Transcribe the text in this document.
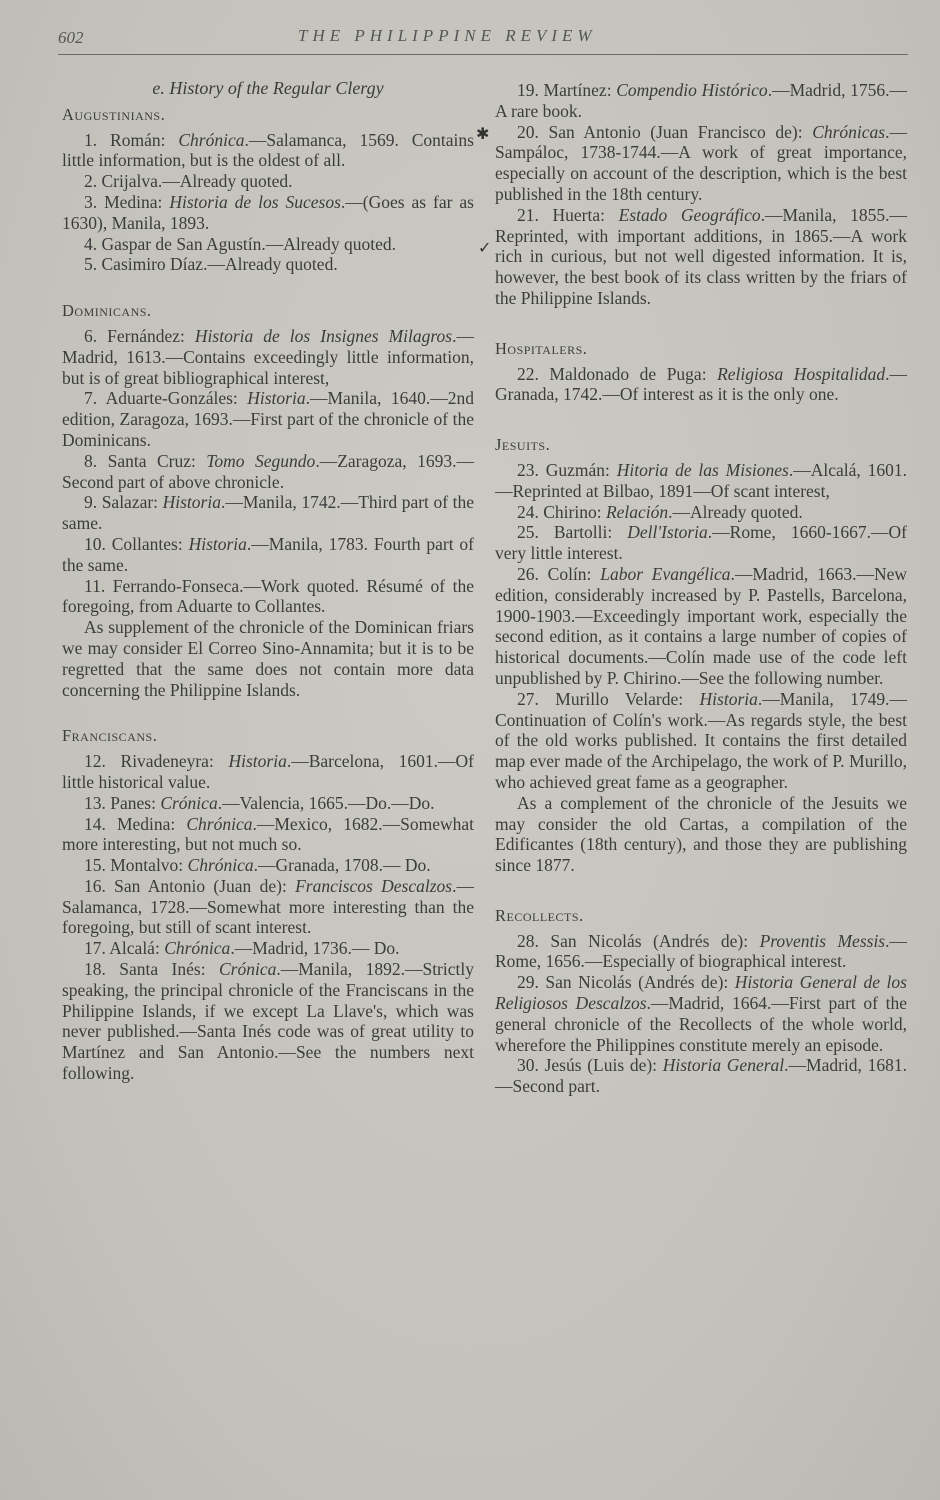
602	THE PHILIPPINE REVIEW
e. History of the Regular Clergy
Augustinians.

1. Román: Chrónica.—Salamanca, 1569. Contains little information, but is the oldest of all.

2. Crijalva.—Already quoted.

3. Medina: Historia de los Sucesos.—(Goes as far as 1630), Manila, 1893.

4. Gaspar de San Agustín.—Already quoted.

5. Casimiro Díaz.—Already quoted.

Dominicans.

6. Fernández: Historia de los Insignes Milagros.—Madrid, 1613.—Contains exceedingly little information, but is of great bibliographical interest,

7. Aduarte-Gonzáles: Historia.—Manila, 1640.—2nd edition, Zaragoza, 1693.—First part of the chronicle of the Dominicans.

8. Santa Cruz: Tomo Segundo.—Zaragoza, 1693.—Second part of above chronicle.

9. Salazar: Historia.—Manila, 1742.—Third part of the same.

10. Collantes: Historia.—Manila, 1783. Fourth part of the same.

11. Ferrando-Fonseca.—Work quoted. Résumé of the foregoing, from Aduarte to Collantes.

As supplement of the chronicle of the Dominican friars we may consider El Correo Sino-Annamita; but it is to be regretted that the same does not contain more data concerning the Philippine Islands.

Franciscans.

12. Rivadeneyra: Historia.—Barcelona, 1601.—Of little historical value.

13. Panes: Crónica.—Valencia, 1665.—Do.—Do.

14. Medina: Chrónica.—Mexico, 1682.—Somewhat more interesting, but not much so.

15. Montalvo: Chrónica.—Granada, 1708.— Do.

16. San Antonio (Juan de): Franciscos Descalzos.—Salamanca, 1728.—Somewhat more interesting than the foregoing, but still of scant interest.

17. Alcalá: Chrónica.—Madrid, 1736.— Do.

18. Santa Inés: Crónica.—Manila, 1892.—Strictly speaking, the principal chronicle of the Franciscans in the Philippine Islands, if we except La Llave's, which was never published.—Santa Inés code was of great utility to Martínez and San Antonio.—See the numbers next following.

✱
✓

19. Martínez: Compendio Histórico.—Madrid, 1756.—A rare book.

20. San Antonio (Juan Francisco de): Chrónicas.—Sampáloc, 1738-1744.—A work of great importance, especially on account of the description, which is the best published in the 18th century.

21. Huerta: Estado Geográfico.—Manila, 1855.—Reprinted, with important additions, in 1865.—A work rich in curious, but not well digested information. It is, however, the best book of its class written by the friars of the Philippine Islands.

Hospitalers.

22. Maldonado de Puga: Religiosa Hospitalidad.—Granada, 1742.—Of interest as it is the only one.

Jesuits.

23. Guzmán: Hitoria de las Misiones.—Alcalá, 1601.—Reprinted at Bilbao, 1891—Of scant interest,

24. Chirino: Relación.—Already quoted.

25. Bartolli: Dell'Istoria.—Rome, 1660-1667.—Of very little interest.

26. Colín: Labor Evangélica.—Madrid, 1663.—New edition, considerably increased by P. Pastells, Barcelona, 1900-1903.—Exceedingly important work, especially the second edition, as it contains a large number of copies of historical documents.—Colín made use of the code left unpublished by P. Chirino.—See the following number.

27. Murillo Velarde: Historia.—Manila, 1749.—Continuation of Colín's work.—As regards style, the best of the old works published. It contains the first detailed map ever made of the Archipelago, the work of P. Murillo, who achieved great fame as a geographer.

As a complement of the chronicle of the Jesuits we may consider the old Cartas, a compilation of the Edificantes (18th century), and those they are publishing since 1877.

Recollects.

28. San Nicolás (Andrés de): Proventis Messis.—Rome, 1656.—Especially of biographical interest.

29. San Nicolás (Andrés de): Historia General de los Religiosos Descalzos.—Madrid, 1664.—First part of the general chronicle of the Recollects of the whole world, wherefore the Philippines constitute merely an episode.

30. Jesús (Luis de): Historia General.—Madrid, 1681.—Second part.
